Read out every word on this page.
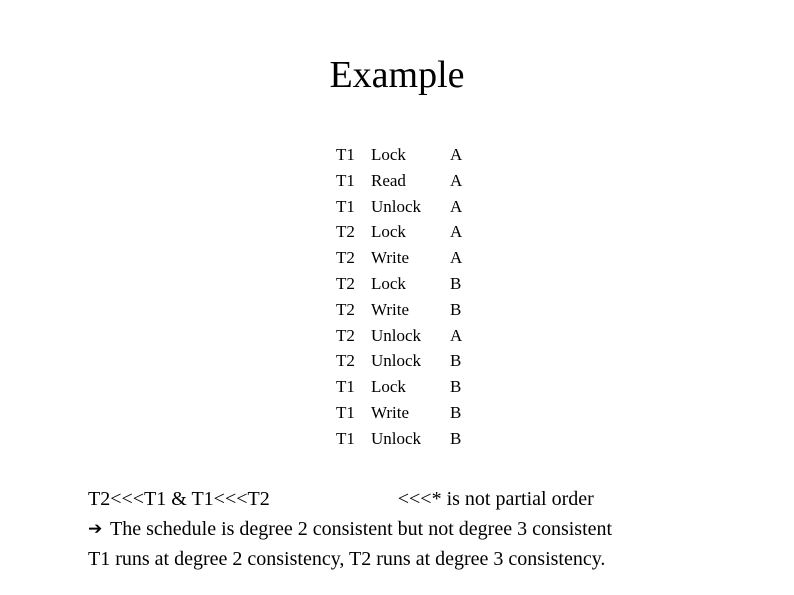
Example
T1	Lock	A
T1	Read	A
T1	Unlock	A
T2	Lock	A
T2	Write	A
T2	Lock	B
T2	Write	B
T2	Unlock	A
T2	Unlock	B
T1	Lock	B
T1	Write	B
T1	Unlock	B
T2<<<T1 & T1<<<T2	<<<* is not partial order
➔ The schedule is degree 2 consistent but not degree 3 consistent
T1 runs at degree 2 consistency, T2 runs at degree 3 consistency.
